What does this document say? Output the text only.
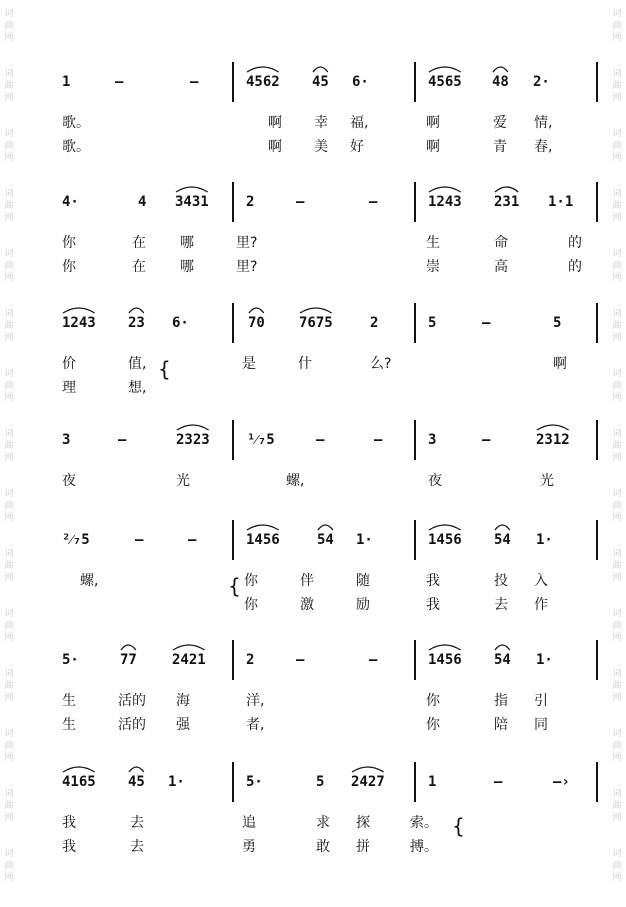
词
曲
网
词
曲
网
词
曲
网
词
曲
网
词
曲
网
词
曲
网
词
曲
网
词
曲
网
词
曲
网
词
曲
网
词
曲
网
词
曲
网
词
曲
网
词
曲
网
词
曲
网
词
曲
网
词
曲
网
词
曲
网
词
曲
网
词
曲
网
词
曲
网
词
曲
网
词
曲
网
词
曲
网
词
曲
网
词
曲
网
词
曲
网
词
曲
网
词
曲
网
词
曲
网
1	—	—	4562 45 6·	4565 48 2·
歌。	啊 幸 福,	啊	爱 情,
歌。	啊 美 好	啊	青 春,
4·	4 3431	2	—	—	1243 231 1·1
你	在 哪	里?	生	命	的
你	在 哪	里?	崇	高	的
1243 23 6·	70 7675	2	5	—	5
价	值,	是	什	么?	啊
理	想,
3	—	2323	¹⁄₇5	—	—	3	—	2312
夜	光	螺,	夜	光
²⁄₇5	—	—	1456	54 1·	1456 54 1·
螺,	你	伴	随	我	投 入
你	激	励	我	去 作
5·	77	2421	2	—	—	1456 54 1·
生	活的 海	洋,	你	指 引
生	活的 强	者,	你	陪 同
4165 45 1·	5·	5 2427	1	—	—›
我	去	追	求 探	索。
我	去	勇	敢 拼	搏。
{
{
{
